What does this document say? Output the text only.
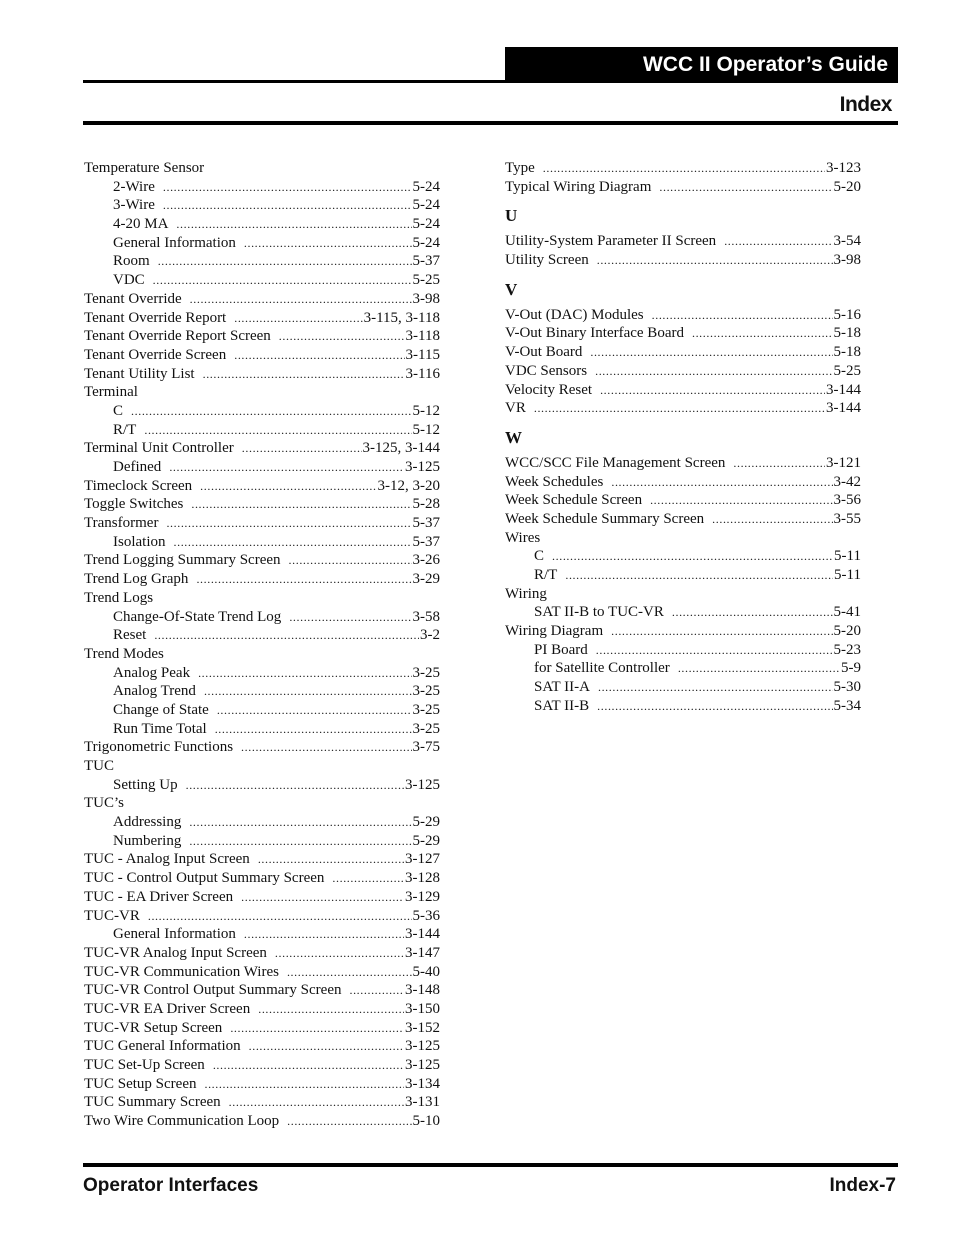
WCC II Operator’s Guide
Index
Temperature Sensor
2-Wire .....	5-24
3-Wire .....	5-24
4-20 MA .....	5-24
General Information .....	5-24
Room .....	5-37
VDC .....	5-25
Tenant Override .....	3-98
Tenant Override Report .....	3-115, 3-118
Tenant Override Report Screen .....	3-118
Tenant Override Screen .....	3-115
Tenant Utility List .....	3-116
Terminal
C .....	5-12
R/T .....	5-12
Terminal Unit Controller .....	3-125, 3-144
Defined .....	3-125
Timeclock Screen .....	3-12, 3-20
Toggle Switches .....	5-28
Transformer .....	5-37
Isolation .....	5-37
Trend Logging Summary Screen .....	3-26
Trend Log Graph .....	3-29
Trend Logs
Change-Of-State Trend Log .....	3-58
Reset .....	3-2
Trend Modes
Analog Peak .....	3-25
Analog Trend .....	3-25
Change of State .....	3-25
Run Time Total .....	3-25
Trigonometric Functions .....	3-75
TUC
Setting Up .....	3-125
TUC’s
Addressing .....	5-29
Numbering .....	5-29
TUC - Analog Input Screen .....	3-127
TUC - Control Output Summary Screen .....	3-128
TUC - EA Driver Screen .....	3-129
TUC-VR .....	5-36
General Information .....	3-144
TUC-VR Analog Input Screen .....	3-147
TUC-VR Communication Wires .....	5-40
TUC-VR Control Output Summary Screen .....	3-148
TUC-VR EA Driver Screen .....	3-150
TUC-VR Setup Screen .....	3-152
TUC General Information .....	3-125
TUC Set-Up Screen .....	3-125
TUC Setup Screen .....	3-134
TUC Summary Screen .....	3-131
Two Wire Communication Loop .....	5-10
Type .....	3-123
Typical Wiring Diagram .....	5-20
U
Utility-System Parameter II Screen .....	3-54
Utility Screen .....	3-98
V
V-Out (DAC) Modules .....	5-16
V-Out Binary Interface Board .....	5-18
V-Out Board .....	5-18
VDC Sensors .....	5-25
Velocity Reset .....	3-144
VR .....	3-144
W
WCC/SCC File Management Screen .....	3-121
Week Schedules .....	3-42
Week Schedule Screen .....	3-56
Week Schedule Summary Screen .....	3-55
Wires
C .....	5-11
R/T .....	5-11
Wiring
SAT II-B to TUC-VR .....	5-41
Wiring Diagram .....	5-20
PI Board .....	5-23
for Satellite Controller .....	5-9
SAT II-A .....	5-30
SAT II-B .....	5-34
Operator Interfaces	Index-7
